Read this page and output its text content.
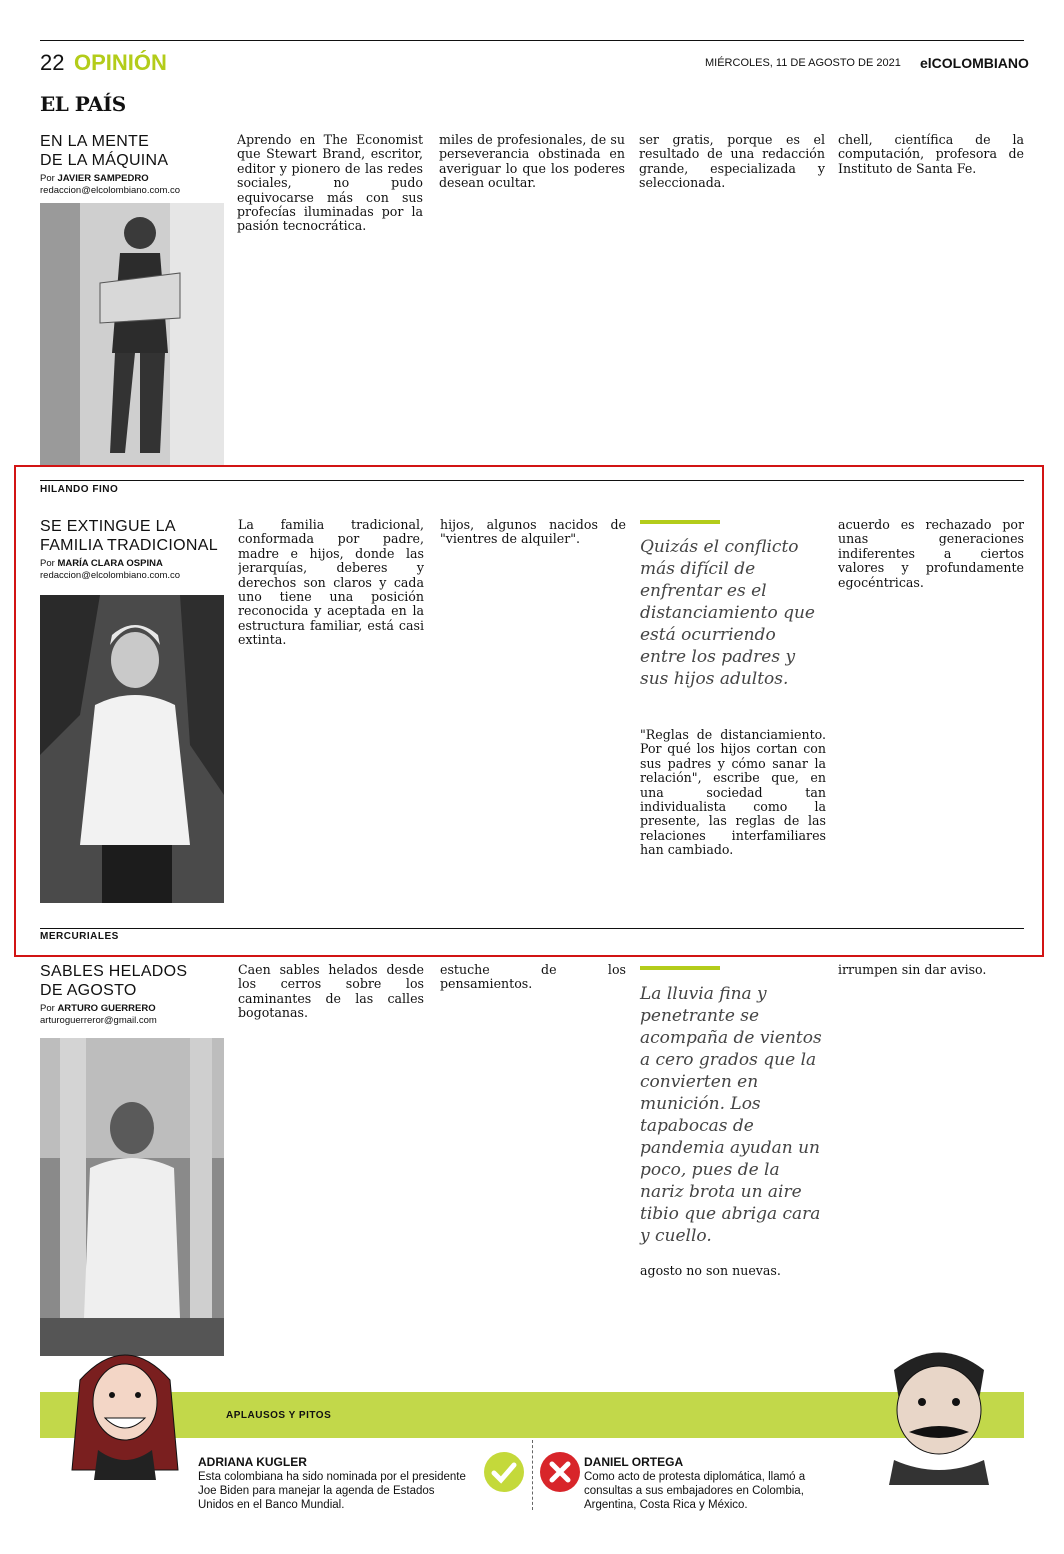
22 OPINIÓN	MIÉRCOLES, 11 DE AGOSTO DE 2021 elCOLOMBIANO
EL PAÍS
EN LA MENTE
DE LA MÁQUINA
Por JAVIER SAMPEDRO
redaccion@elcolombiano.com.co

Aprendo en The Economist que Stewart Brand, escritor, editor y pionero de las redes sociales, no pudo equivocarse más con sus profecías iluminadas por la pasión tecnocrática.

miles de profesionales, de su perseverancia obstinada en averiguar lo que los poderes desean ocultar.

ser gratis, porque es el resultado de una redacción grande, especializada y seleccionada.

chell, científica de la computación, profesora de Instituto de Santa Fe.

HILANDO FINO
SE EXTINGUE LA
FAMILIA TRADICIONAL
Por MARÍA CLARA OSPINA
redaccion@elcolombiano.com.co

La familia tradicional, conformada por padre, madre e hijos, donde las jerarquías, deberes y derechos son claros y cada uno tiene una posición reconocida y aceptada en la estructura familiar, está casi extinta.

hijos, algunos nacidos de "vientres de alquiler".	Quizás el conflicto más difícil de enfrentar es el distanciamiento que está ocurriendo entre los padres y sus hijos adultos.

"Reglas de distanciamiento. Por qué los hijos cortan con sus padres y cómo sanar la relación", escribe que, en una sociedad tan individualista como la presente, las reglas de las relaciones interfamiliares han cambiado.

acuerdo es rechazado por unas generaciones indiferentes a ciertos valores y profundamente egocéntricas.

MERCURIALES
SABLES HELADOS
DE AGOSTO
Por ARTURO GUERRERO
arturoguerreror@gmail.com

Caen sables helados desde los cerros sobre los caminantes de las calles bogotanas.

estuche de los pensamientos.

La lluvia fina y penetrante se acompaña de vientos a cero grados que la convierten en munición. Los tapabocas de pandemia ayudan un poco, pues de la nariz brota un aire tibio que abriga cara y cuello.

agosto no son nuevas.

irrumpen sin dar aviso.

APLAUSOS Y PITOS
ADRIANA KUGLER
Esta colombiana ha sido nominada por el presidente Joe Biden para manejar la agenda de Estados Unidos en el Banco Mundial.
DANIEL ORTEGA
Como acto de protesta diplomática, llamó a consultas a sus embajadores en Colombia, Argentina, Costa Rica y México.
